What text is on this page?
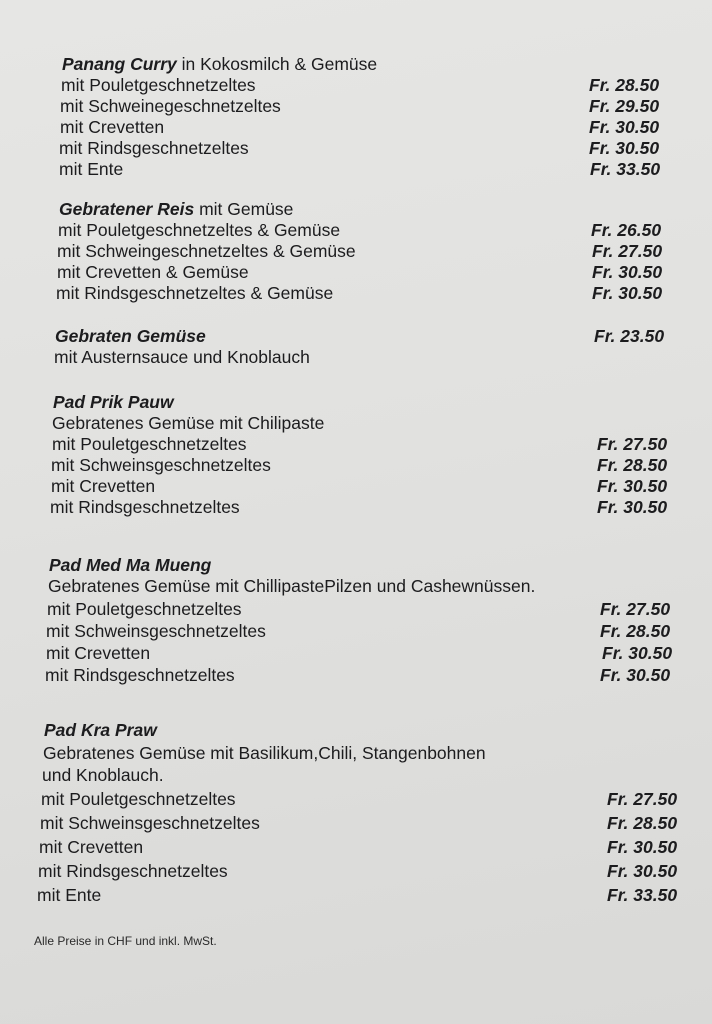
Panang Curry in Kokosmilch & Gemüse
mit Pouletgeschnetzeltes	Fr. 28.50
mit Schweinegeschnetzeltes	Fr. 29.50
mit Crevetten	Fr. 30.50
mit Rindsgeschnetzeltes	Fr. 30.50
mit Ente	Fr. 33.50
Gebratener Reis mit Gemüse
mit Pouletgeschnetzeltes & Gemüse	Fr. 26.50
mit Schweingeschnetzeltes & Gemüse	Fr. 27.50
mit Crevetten & Gemüse	Fr. 30.50
mit Rindsgeschnetzeltes & Gemüse	Fr. 30.50
Gebraten Gemüse	Fr. 23.50
mit Austernsauce und Knoblauch
Pad Prik Pauw
Gebratenes Gemüse mit Chilipaste
mit Pouletgeschnetzeltes	Fr. 27.50
mit Schweinsgeschnetzeltes	Fr. 28.50
mit Crevetten	Fr. 30.50
mit Rindsgeschnetzeltes	Fr. 30.50
Pad Med Ma Mueng
Gebratenes Gemüse mit ChillipastePilzen und Cashewnüssen.
mit Pouletgeschnetzeltes	Fr. 27.50
mit Schweinsgeschnetzeltes	Fr. 28.50
mit Crevetten	Fr. 30.50
mit Rindsgeschnetzeltes	Fr. 30.50
Pad Kra Praw
Gebratenes Gemüse mit Basilikum,Chili, Stangenbohnen
und Knoblauch.
mit Pouletgeschnetzeltes	Fr. 27.50
mit Schweinsgeschnetzeltes	Fr. 28.50
mit Crevetten	Fr. 30.50
mit Rindsgeschnetzeltes	Fr. 30.50
mit Ente	Fr. 33.50
Alle Preise in CHF und inkl. MwSt.
